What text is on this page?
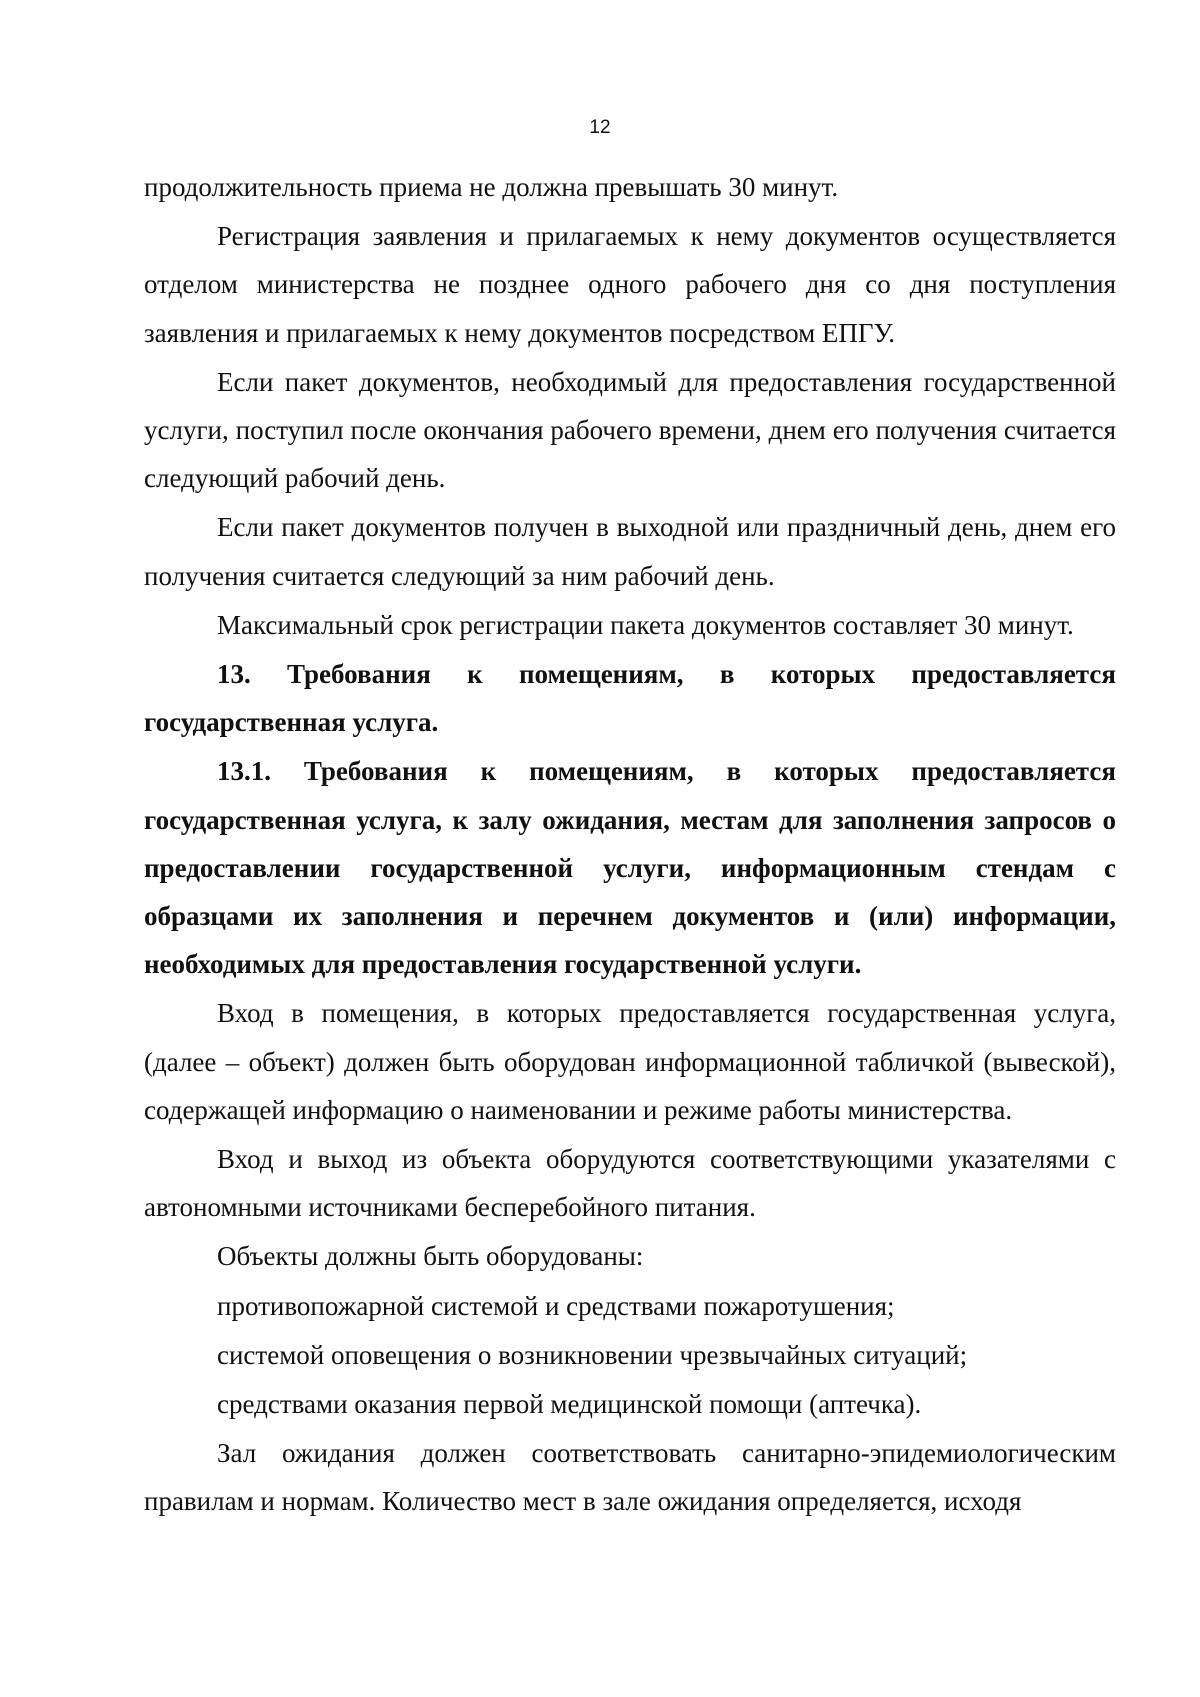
12

продолжительность приема не должна превышать 30 минут.

Регистрация заявления и прилагаемых к нему документов осуществляется отделом министерства не позднее одного рабочего дня со дня поступления заявления и прилагаемых к нему документов посредством ЕПГУ.

Если пакет документов, необходимый для предоставления государственной услуги, поступил после окончания рабочего времени, днем его получения считается следующий рабочий день.

Если пакет документов получен в выходной или праздничный день, днем его получения считается следующий за ним рабочий день.

Максимальный срок регистрации пакета документов составляет 30 минут.

13. Требования к помещениям, в которых предоставляется государственная услуга.

13.1. Требования к помещениям, в которых предоставляется государственная услуга, к залу ожидания, местам для заполнения запросов о предоставлении государственной услуги, информационным стендам с образцами их заполнения и перечнем документов и (или) информации, необходимых для предоставления государственной услуги.

Вход в помещения, в которых предоставляется государственная услуга, (далее – объект) должен быть оборудован информационной табличкой (вывеской), содержащей информацию о наименовании и режиме работы министерства.

Вход и выход из объекта оборудуются соответствующими указателями с автономными источниками бесперебойного питания.

Объекты должны быть оборудованы:

противопожарной системой и средствами пожаротушения;

системой оповещения о возникновении чрезвычайных ситуаций;

средствами оказания первой медицинской помощи (аптечка).

Зал ожидания должен соответствовать санитарно-эпидемиологическим правилам и нормам. Количество мест в зале ожидания определяется, исходя
